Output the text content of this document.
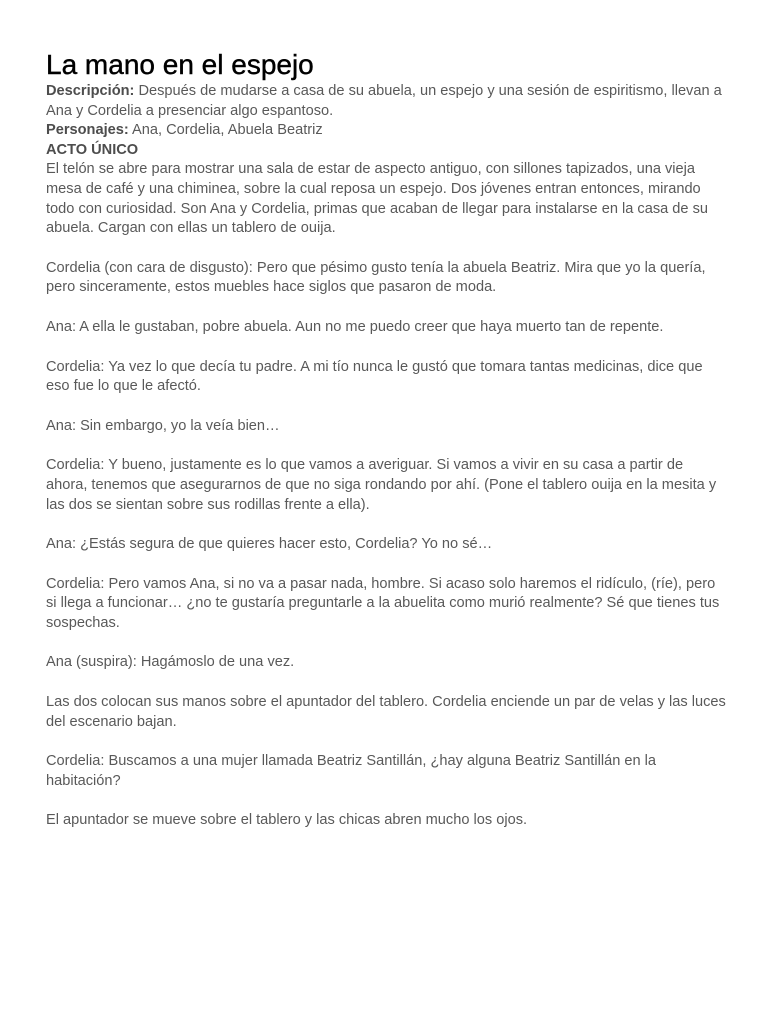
La mano en el espejo

Descripción: Después de mudarse a casa de su abuela, un espejo y una sesión de espiritismo, llevan a Ana y Cordelia a presenciar algo espantoso.

Personajes: Ana, Cordelia, Abuela Beatriz

ACTO ÚNICO

El telón se abre para mostrar una sala de estar de aspecto antiguo, con sillones tapizados, una vieja mesa de café y una chiminea, sobre la cual reposa un espejo. Dos jóvenes entran entonces, mirando todo con curiosidad. Son Ana y Cordelia, primas que acaban de llegar para instalarse en la casa de su abuela. Cargan con ellas un tablero de ouija.

Cordelia (con cara de disgusto): Pero que pésimo gusto tenía la abuela Beatriz. Mira que yo la quería, pero sinceramente, estos muebles hace siglos que pasaron de moda.

Ana: A ella le gustaban, pobre abuela. Aun no me puedo creer que haya muerto tan de repente.

Cordelia: Ya vez lo que decía tu padre. A mi tío nunca le gustó que tomara tantas medicinas, dice que eso fue lo que le afectó.

Ana: Sin embargo, yo la veía bien…

Cordelia: Y bueno, justamente es lo que vamos a averiguar. Si vamos a vivir en su casa a partir de ahora, tenemos que asegurarnos de que no siga rondando por ahí. (Pone el tablero ouija en la mesita y las dos se sientan sobre sus rodillas frente a ella).

Ana: ¿Estás segura de que quieres hacer esto, Cordelia? Yo no sé…

Cordelia: Pero vamos Ana, si no va a pasar nada, hombre. Si acaso solo haremos el ridículo, (ríe), pero si llega a funcionar… ¿no te gustaría preguntarle a la abuelita como murió realmente? Sé que tienes tus sospechas.

Ana (suspira): Hagámoslo de una vez.

Las dos colocan sus manos sobre el apuntador del tablero. Cordelia enciende un par de velas y las luces del escenario bajan.

Cordelia: Buscamos a una mujer llamada Beatriz Santillán, ¿hay alguna Beatriz Santillán en la habitación?

El apuntador se mueve sobre el tablero y las chicas abren mucho los ojos.
